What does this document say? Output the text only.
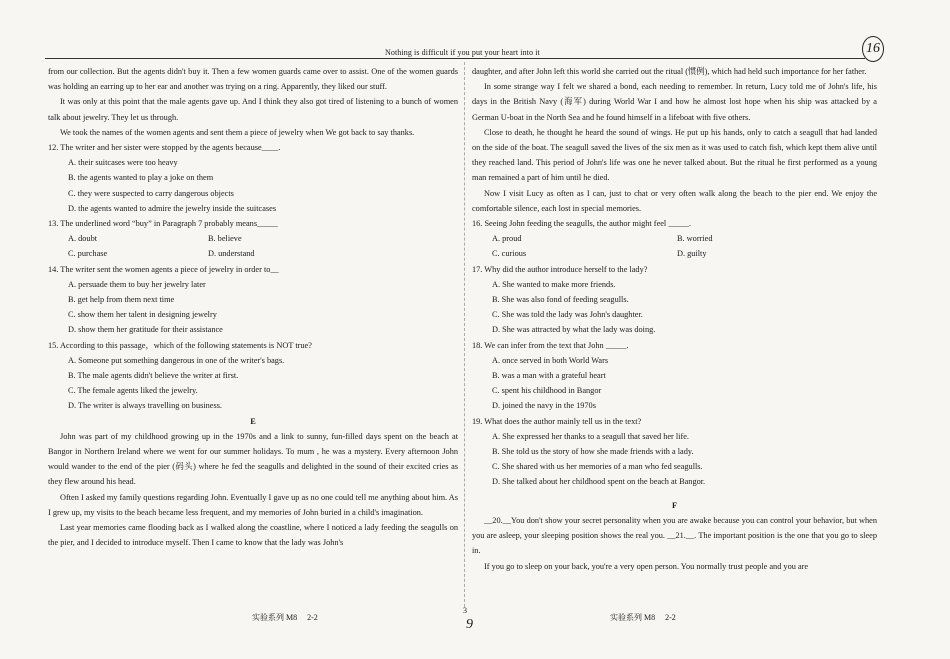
Nothing is difficult if you put your heart into it	16

from our collection. But the agents didn't buy it. Then a few women guards came over to assist. One of the women guards was holding an earring up to her ear and another was trying on a ring. Apparently, they liked our stuff.

It was only at this point that the male agents gave up. And I think they also got tired of listening to a bunch of women talk about jewelry. They let us through.

We took the names of the women agents and sent them a piece of jewelry when We got back to say thanks.

12. The writer and her sister were stopped by the agents because____.

A. their suitcases were too heavy

B. the agents wanted to play a joke on them

C. they were suspected to carry dangerous objects

D. the agents wanted to admire the jewelry inside the suitcases

13. The underlined word “buy” in Paragraph 7 probably means_____

A. doubt	B. believe
C. purchase	D. understand

14. The writer sent the women agents a piece of jewelry in order to__

A. persuade them to buy her jewelry later

B. get help from them next time

C. show them her talent in designing jewelry

D. show them her gratitude for their assistance

15. According to this passage，which of the following statements is NOT true?

A. Someone put something dangerous in one of the writer's bags.

B. The male agents didn't believe the writer at first.

C. The female agents liked the jewelry.

D. The writer is always travelling on business.

E

John was part of my childhood growing up in the 1970s and a link to sunny, fun-filled days spent on the beach at Bangor in Northern Ireland where we went for our summer holidays. To mum , he was a mystery. Every afternoon John would wander to the end of the pier (码头) where he fed the seagulls and delighted in the sound of their excited cries as they flew around his head.

Often I asked my family questions regarding John. Eventually I gave up as no one could tell me anything about him. As I grew up, my visits to the beach became less frequent, and my memories of John buried in a child's imagination.

Last year memories came flooding back as I walked along the coastline, where I noticed a lady feeding the seagulls on the pier, and I decided to introduce myself. Then I came to know that the lady was John's

daughter, and after John left this world she carried out the ritual (惯例), which had held such importance for her father.

In some strange way I felt we shared a bond, each needing to remember. In return, Lucy told me of John's life, his days in the British Navy (海军) during World War I and how he almost lost hope when his ship was attacked by a German U-boat in the North Sea and he found himself in a lifeboat with five others.

Close to death, he thought he heard the sound of wings. He put up his hands, only to catch a seagull that had landed on the side of the boat. The seagull saved the lives of the six men as it was used to catch fish, which kept them alive until they reached land. This period of John's life was one he never talked about. But the ritual he first performed as a young man remained a part of him until he died.

Now I visit Lucy as often as I can, just to chat or very often walk along the beach to the pier end. We enjoy the comfortable silence, each lost in special memories.

16. Seeing John feeding the seagulls, the author might feel _____.

A. proud	B. worried
C. curious	D. guilty

17. Why did the author introduce herself to the lady?

A. She wanted to make more friends.

B. She was also fond of feeding seagulls.

C. She was told the lady was John's daughter.

D. She was attracted by what the lady was doing.

18. We can infer from the text that John _____.

A. once served in both World Wars

B. was a man with a grateful heart

C. spent his childhood in Bangor

D. joined the navy in the 1970s

19. What does the author mainly tell us in the text?

A. She expressed her thanks to a seagull that saved her life.

B. She told us the story of how she made friends with a lady.

C. She shared with us her memories of a man who fed seagulls.

D. She talked about her childhood spent on the beach at Bangor.

F

__20.__You don't show your secret personality when you are awake because you can control your behavior, but when you are asleep, your sleeping position shows the real you. __21.__. The important position is the one that you go to sleep in.

If you go to sleep on your back, you're a very open person. You normally trust people and you are

实验系列 M8　 2-2
3
9	实验系列 M8　 2-2
